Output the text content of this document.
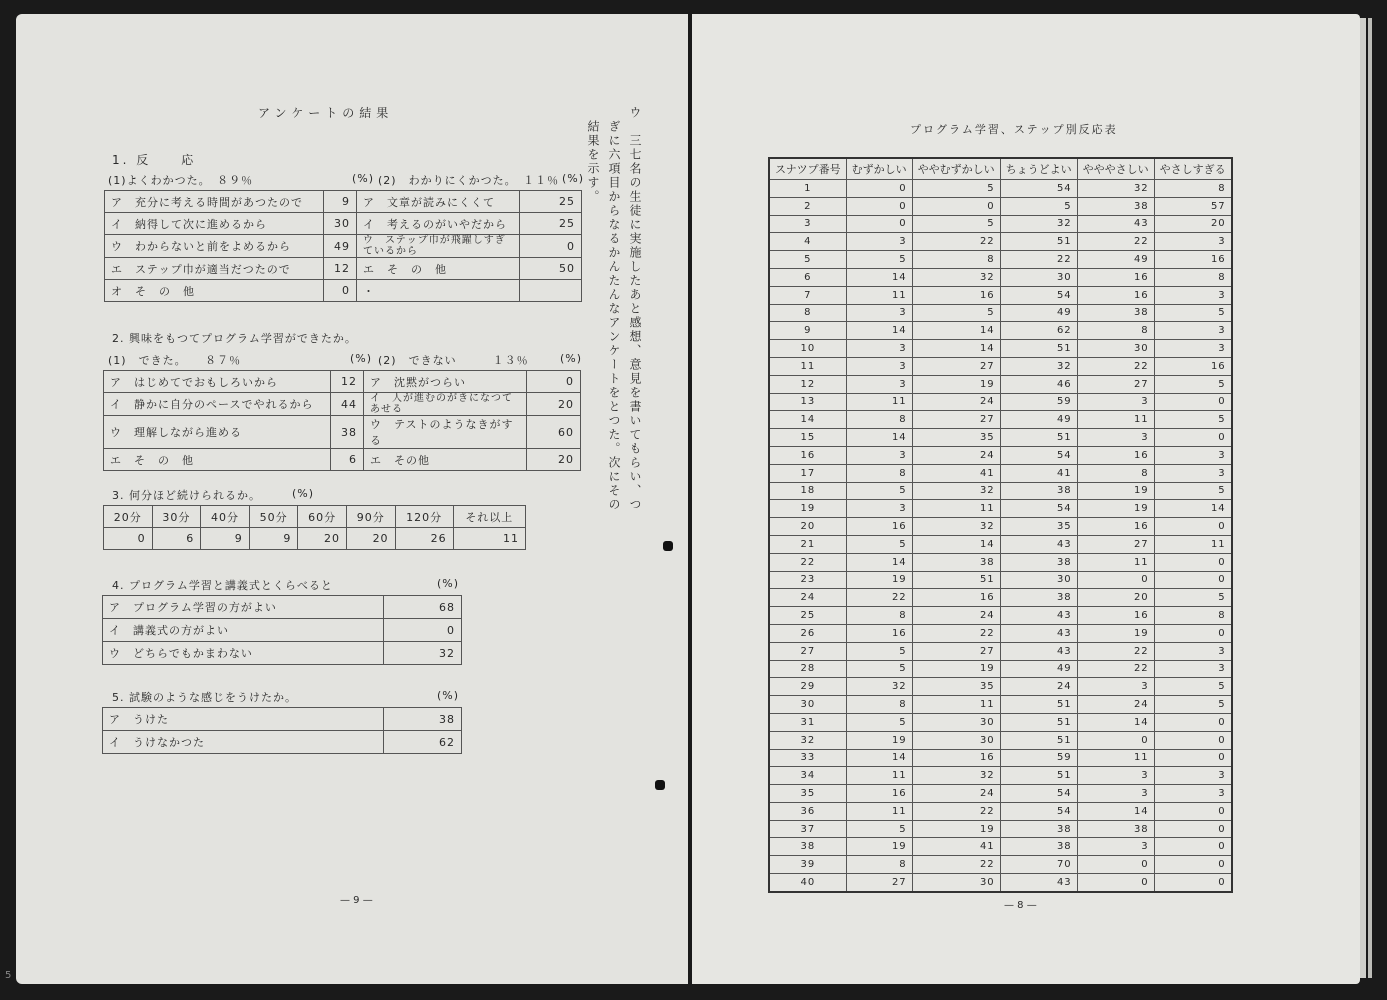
アンケートの結果
1. 反　　応
(1)よくわかつた。　８９％	(%) (2)　わかりにくかつた。　１１％ (%)
ア　充分に考える時間があつたので	9	ア　文章が読みにくくて	25
イ　納得して次に進めるから	30	イ　考えるのがいやだから	25
ウ　わからないと前をよめるから	49	ウ　ステップ巾が飛躍しすぎているから	0
エ　ステップ巾が適当だつたので	12	エ　そ　の　他	50
オ　そ　の　他	0	・	
2. 興味をもつてプログラム学習ができたか。
(1)　できた。　　８７％	(%) (2)　できない　　　１３％	(%)
ア　はじめてでおもしろいから	12	ア　沈黙がつらい	0
イ　静かに自分のペースでやれるから	44	イ　人が進むのがきになつてあせる	20
ウ　理解しながら進める	38	ウ　テストのようなきがする	60
エ　そ　の　他	6	エ　その他	20
3. 何分ほど続けられるか。	(%)
20分	30分	40分	50分	60分	90分	120分	それ以上
0	6	9	9	20	20	26	11
4. プログラム学習と講義式とくらべると	(%)
ア　プログラム学習の方がよい	68
イ　講義式の方がよい	0
ウ　どちらでもかまわない	32
5. 試験のような感じをうけたか。	(%)
ア　うけた	38
イ　うけなかつた	62
ウ　三七名の生徒に実施したあと感想、意見を書いてもらい、つ
ぎに六項目からなるかんたんなアンケートをとつた。次にその
結果を示す。
— 9 —
5
プログラム学習、ステップ別反応表
スナツプ番号	むずかしい	ややむずかしい	ちょうどよい	やややさしい	やさしすぎる
1	0	5	54	32	8
2	0	0	5	38	57
3	0	5	32	43	20
4	3	22	51	22	3
5	5	8	22	49	16
6	14	32	30	16	8
7	11	16	54	16	3
8	3	5	49	38	5
9	14	14	62	8	3
10	3	14	51	30	3
11	3	27	32	22	16
12	3	19	46	27	5
13	11	24	59	3	0
14	8	27	49	11	5
15	14	35	51	3	0
16	3	24	54	16	3
17	8	41	41	8	3
18	5	32	38	19	5
19	3	11	54	19	14
20	16	32	35	16	0
21	5	14	43	27	11
22	14	38	38	11	0
23	19	51	30	0	0
24	22	16	38	20	5
25	8	24	43	16	8
26	16	22	43	19	0
27	5	27	43	22	3
28	5	19	49	22	3
29	32	35	24	3	5
30	8	11	51	24	5
31	5	30	51	14	0
32	19	30	51	0	0
33	14	16	59	11	0
34	11	32	51	3	3
35	16	24	54	3	3
36	11	22	54	14	0
37	5	19	38	38	0
38	19	41	38	3	0
39	8	22	70	0	0
40	27	30	43	0	0
— 8 —
